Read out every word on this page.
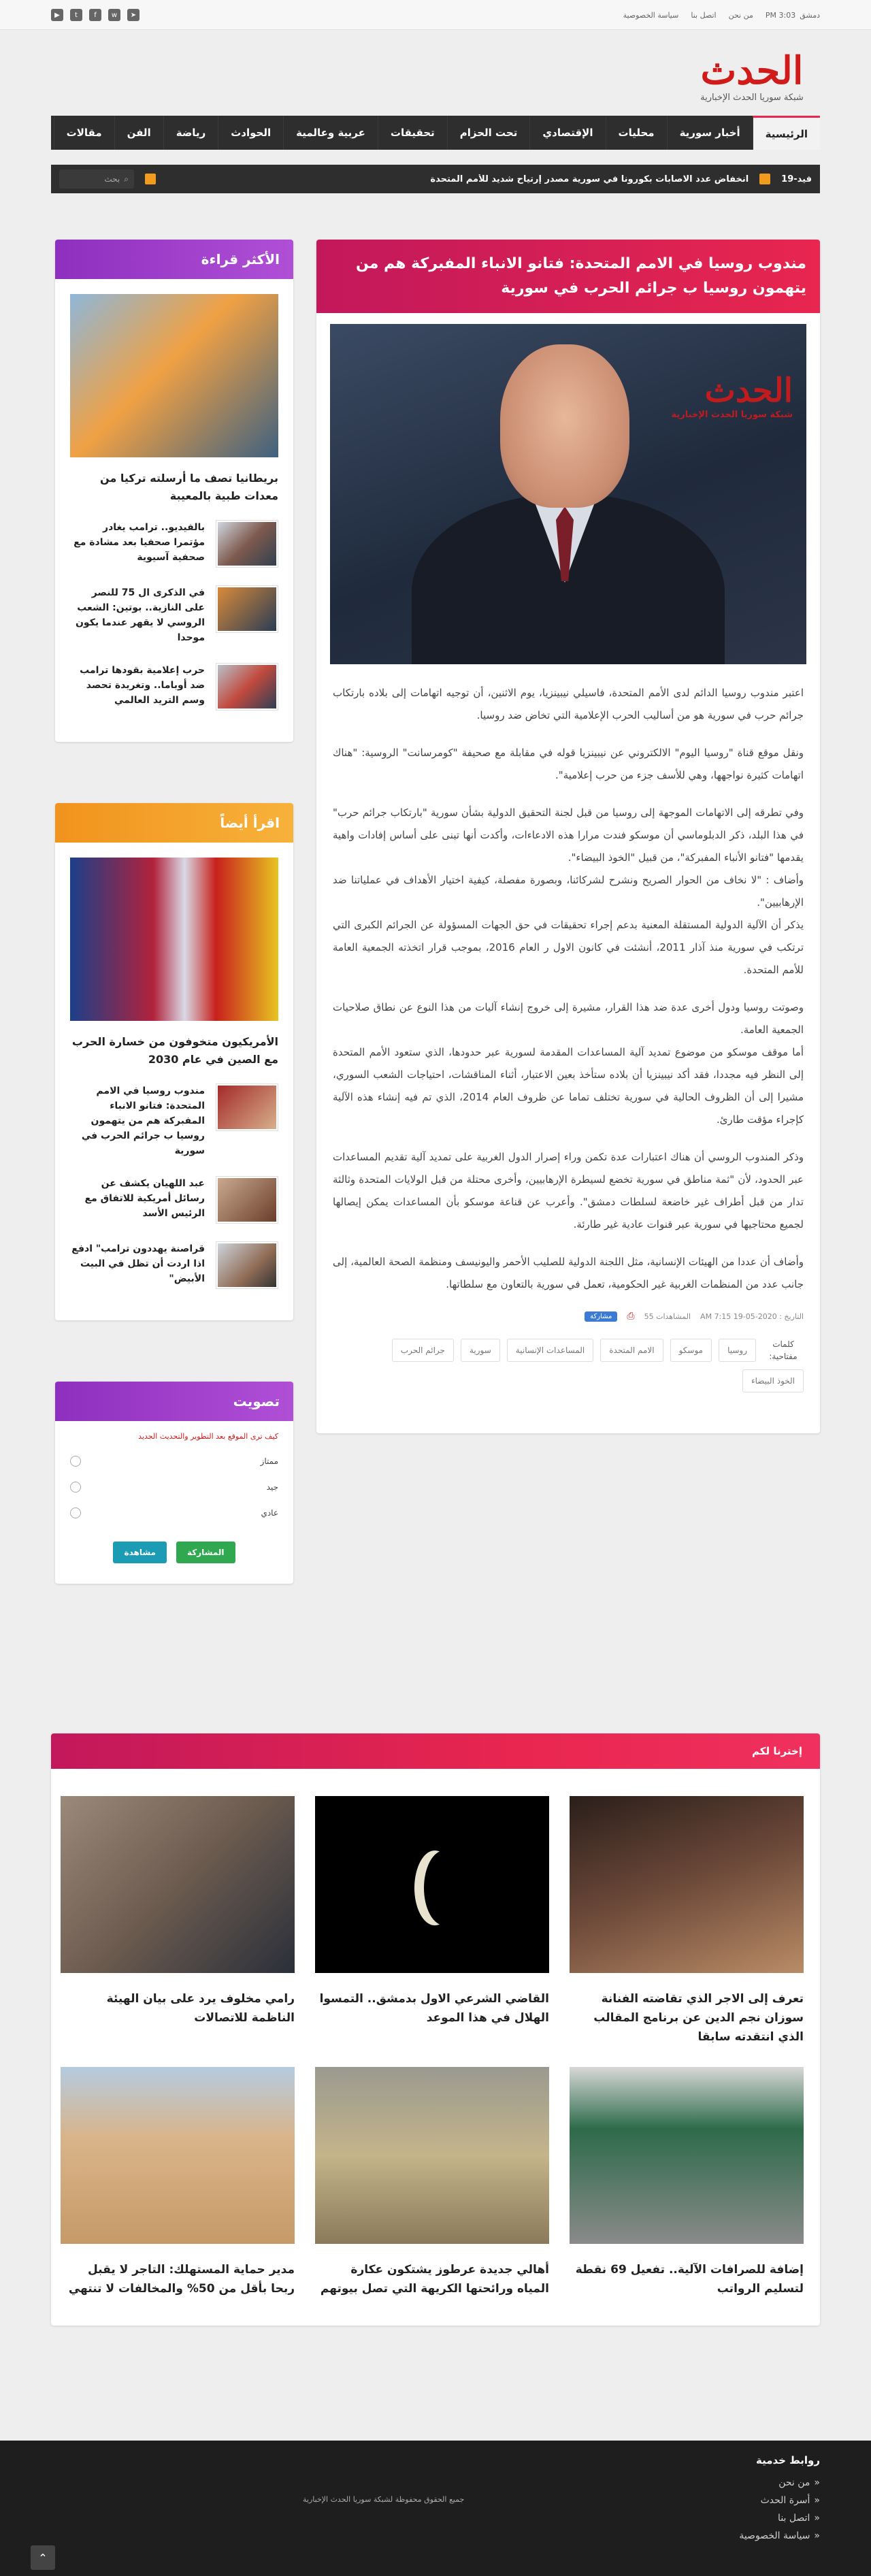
دمشق
3:03 PM
من نحن
اتصل بنا
سياسة الخصوصية
▶	t	f	w	➤
الحدث
شبكة سوريا الحدث الإخبارية
الرئيسية
أخبار سورية
محليات
الإقتصادي
تحت الحزام
تحقيقات
عربية وعالمية
الحوادث
رياضة
الفن
مقالات
فيد-19
انخفاض عدد الاصابات بكورونا في سورية مصدر إرتياح شديد للأمم المتحدة
⌕
بحث
مندوب روسيا في الامم المتحدة: فتانو الانباء المفبركة هم من يتهمون روسيا ب جرائم الحرب في سورية
الحدث
شبكة سوريا الحدث الإخبارية

اعتبر مندوب روسيا الدائم لدى الأمم المتحدة، فاسيلي نيبينزيا، يوم الاثنين، أن توجيه اتهامات إلى بلاده بارتكاب جرائم حرب في سورية هو من أساليب الحرب الإعلامية التي تخاض ضد روسيا.

ونقل موقع قناة "روسيا اليوم" الالكتروني عن نيبينزيا قوله في مقابلة مع صحيفة "كومرسانت" الروسية: "هناك اتهامات كثيرة نواجهها، وهي للأسف جزء من حرب إعلامية".

وفي تطرقه إلى الاتهامات الموجهة إلى روسيا من قبل لجنة التحقيق الدولية بشأن سورية "بارتكاب جرائم حرب" في هذا البلد، ذكر الدبلوماسي أن موسكو فندت مرارا هذه الادعاءات، وأكدت أنها تبنى على أساس إفادات واهية يقدمها "فتانو الأنباء المفبركة"، من قبيل "الخوذ البيضاء".

وأضاف : "لا نخاف من الحوار الصريح ونشرح لشركائنا، وبصورة مفصلة، كيفية اختيار الأهداف في عملياتنا ضد الإرهابيين".

يذكر أن الآلية الدولية المستقلة المعنية بدعم إجراء تحقيقات في حق الجهات المسؤولة عن الجرائم الكبرى التي ترتكب في سورية منذ آذار 2011، أنشئت في كانون الاول ر العام 2016، بموجب قرار اتخذته الجمعية العامة للأمم المتحدة.

وصوتت روسيا ودول أخرى عدة ضد هذا القرار، مشيرة إلى خروج إنشاء آليات من هذا النوع عن نطاق صلاحيات الجمعية العامة.

أما موقف موسكو من موضوع تمديد آلية المساعدات المقدمة لسورية عبر حدودها، الذي ستعود الأمم المتحدة إلى النظر فيه مجددا، فقد أكد نيبينزيا أن بلاده ستأخذ بعين الاعتبار، أثناء المناقشات، احتياجات الشعب السوري، مشيرا إلى أن الظروف الحالية في سورية تختلف تماما عن ظروف العام 2014، الذي تم فيه إنشاء هذه الآلية كإجراء مؤقت طارئ.

وذكر المندوب الروسي أن هناك اعتبارات عدة تكمن وراء إصرار الدول الغربية على تمديد آلية تقديم المساعدات عبر الحدود، لأن "ثمة مناطق في سورية تخضع لسيطرة الإرهابيين، وأخرى محتلة من قبل الولايات المتحدة وثالثة تدار من قبل أطراف غير خاضعة لسلطات دمشق". وأعرب عن قناعة موسكو بأن المساعدات يمكن إيصالها لجميع محتاجيها في سورية عبر قنوات عادية غير طارئة.

وأضاف أن عددا من الهيئات الإنسانية، مثل اللجنة الدولية للصليب الأحمر واليونيسف ومنظمة الصحة العالمية، إلى جانب عدد من المنظمات الغربية غير الحكومية، تعمل في سورية بالتعاون مع سلطاتها.

التاريخ : 2020-05-19 7:15 AM
المشاهدات 55
⎙
مشاركة
كلمات مفتاحية:
روسيا
موسكو
الامم المتحدة
المساعدات الإنسانية
سورية
جرائم الحرب
الخوذ البيضاء
الأكثر قراءة
بريطانيا تصف ما أرسلته تركيا من معدات طبية بالمعيبة
بالفيديو.. ترامب يغادر مؤتمرا صحفيا بعد مشادة مع صحفية آسيوية
في الذكرى ال 75 للنصر على النازية.. بوتين: الشعب الروسي لا يقهر عندما يكون موحدا
حرب إعلامية بقودها ترامب ضد أوباما.. وتغريدة تحصد وسم التريد العالمي
اقرأ أيضاً
الأمريكيون متخوفون من خسارة الحرب مع الصين في عام 2030
مندوب روسيا في الامم المتحدة: فتانو الانباء المفبركة هم من يتهمون روسيا ب جرائم الحرب في سورية
عبد اللهيان يكشف عن رسائل أمريكية للاتفاق مع الرئيس الأسد
قراصنة يهددون ترامب" ادفع اذا اردت أن تظل في البيت الأبيض"
تصويت
كيف ترى الموقع بعد التطوير والتحديث الجديد
ممتاز
جيد
عادي
المشاركة
مشاهدة
إخترنا لكم
تعرف إلى الاجر الذي تقاضته الفنانة سوزان نجم الدين عن برنامج المقالب الذي انتقدته سابقا
القاضي الشرعي الاول بدمشق.. التمسوا الهلال في هذا الموعد
رامي مخلوف يرد على بيان الهيئة الناظمة للاتصالات
إضافة للصرافات الآلية.. تفعيل 69 نقطة لتسليم الرواتب
أهالي جديدة عرطوز يشتكون عكارة المياه ورائحتها الكريهة التي تصل بيوتهم
مدير حماية المستهلك: التاجر لا يقبل ربحا بأقل من 50% والمخالفات لا تنتهي
روابط خدمية
«
من نحن
«
أسرة الحدث
«
اتصل بنا
«
سياسة الخصوصية
جميع الحقوق محفوظة لشبكة سوريا الحدث الإخبارية
⌃
